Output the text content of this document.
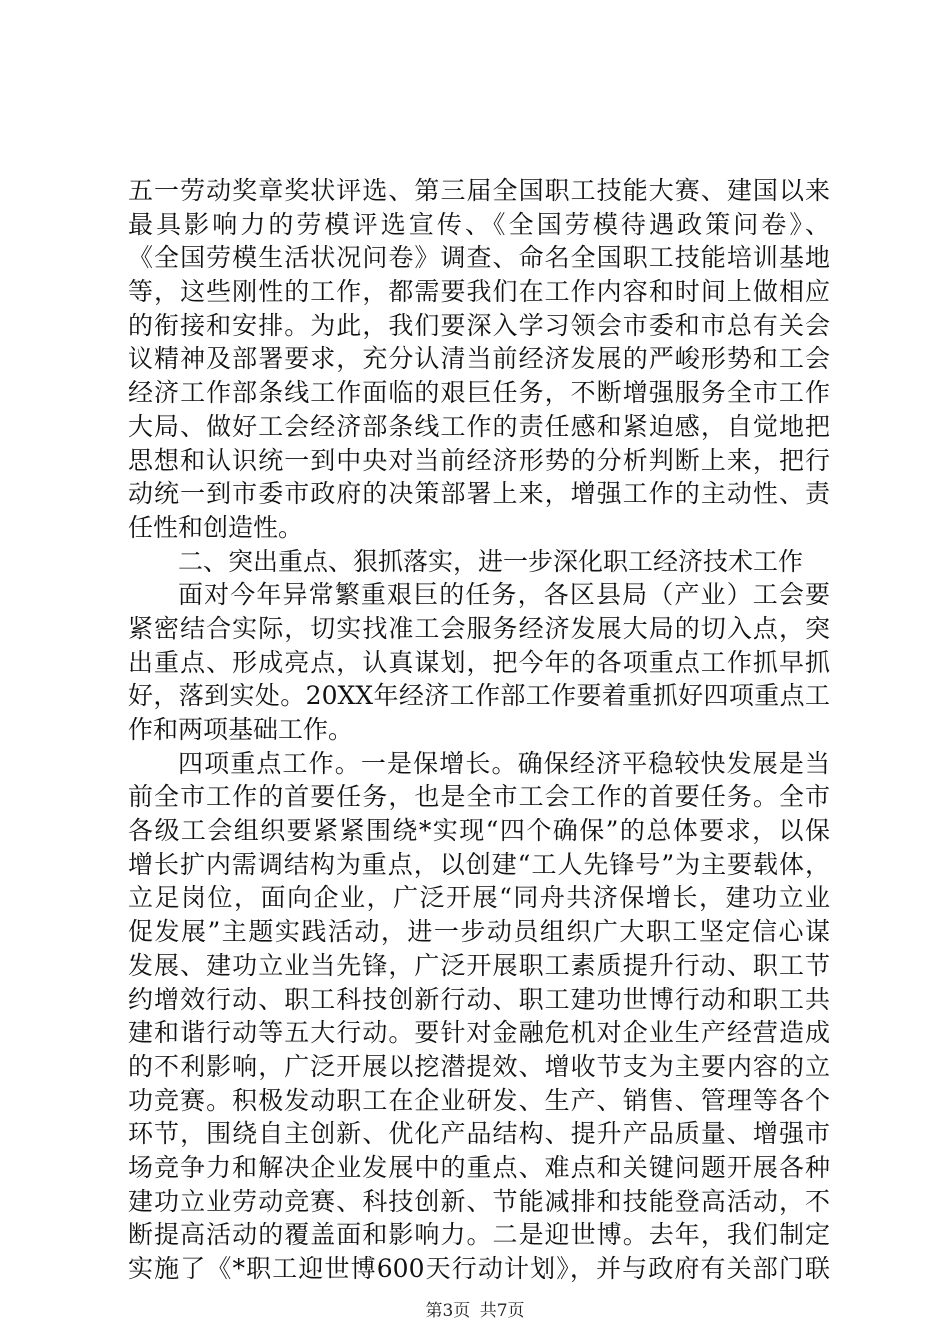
五一劳动奖章奖状评选、第三届全国职工技能大赛、建国以来
最具影响力的劳模评选宣传、《全国劳模待遇政策问卷》、
《全国劳模生活状况问卷》调查、命名全国职工技能培训基地
等，这些刚性的工作，都需要我们在工作内容和时间上做相应
的衔接和安排。为此，我们要深入学习领会市委和市总有关会
议精神及部署要求，充分认清当前经济发展的严峻形势和工会
经济工作部条线工作面临的艰巨任务，不断增强服务全市工作
大局、做好工会经济部条线工作的责任感和紧迫感，自觉地把
思想和认识统一到中央对当前经济形势的分析判断上来，把行
动统一到市委市政府的决策部署上来，增强工作的主动性、责
任性和创造性。
二、突出重点、狠抓落实，进一步深化职工经济技术工作
面对今年异常繁重艰巨的任务，各区县局（产业）工会要
紧密结合实际，切实找准工会服务经济发展大局的切入点，突
出重点、形成亮点，认真谋划，把今年的各项重点工作抓早抓
好，落到实处。20XX年经济工作部工作要着重抓好四项重点工
作和两项基础工作。
四项重点工作。一是保增长。确保经济平稳较快发展是当
前全市工作的首要任务，也是全市工会工作的首要任务。全市
各级工会组织要紧紧围绕*实现“四个确保”的总体要求，以保
增长扩内需调结构为重点，以创建“工人先锋号”为主要载体，
立足岗位，面向企业，广泛开展“同舟共济保增长，建功立业
促发展”主题实践活动，进一步动员组织广大职工坚定信心谋
发展、建功立业当先锋，广泛开展职工素质提升行动、职工节
约增效行动、职工科技创新行动、职工建功世博行动和职工共
建和谐行动等五大行动。要针对金融危机对企业生产经营造成
的不利影响，广泛开展以挖潜提效、增收节支为主要内容的立
功竞赛。积极发动职工在企业研发、生产、销售、管理等各个
环节，围绕自主创新、优化产品结构、提升产品质量、增强市
场竞争力和解决企业发展中的重点、难点和关键问题开展各种
建功立业劳动竞赛、科技创新、节能减排和技能登高活动，不
断提高活动的覆盖面和影响力。二是迎世博。去年，我们制定
实施了《*职工迎世博600天行动计划》，并与政府有关部门联
第3页 共7页
